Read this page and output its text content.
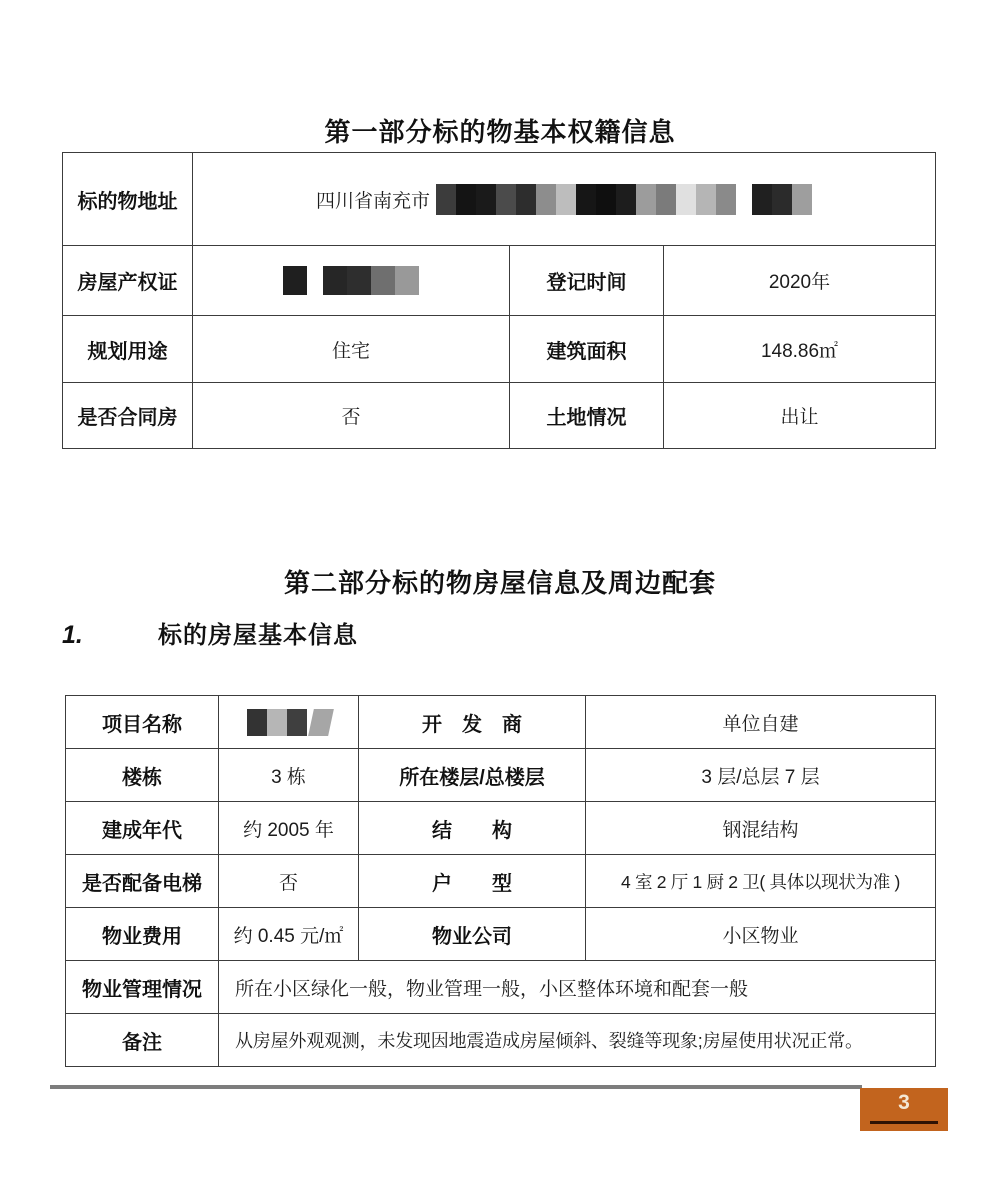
第一部分标的物基本权籍信息
标的物地址	四川省南充市		

房屋产权证		登记时间	2020年
规划用途	住宅	建筑面积	148.86㎡
是否合同房	否	土地情况	出让
第二部分标的物房屋信息及周边配套
1.	标的房屋基本信息
项目名称		开　发　商	单位自建
楼栋	3 栋	所在楼层/总楼层	3 层/总层 7 层
建成年代	约 2005 年	结　　构	钢混结构
是否配备电梯	否	户　　型	4 室 2 厅 1 厨 2 卫( 具体以现状为准 )
物业费用	约 0.45 元/㎡	物业公司	小区物业
物业管理情况	所在小区绿化一般，物业管理一般，小区整体环境和配套一般		
备注	从房屋外观观测，未发现因地震造成房屋倾斜、裂缝等现象;房屋使用状况正常。		
3
